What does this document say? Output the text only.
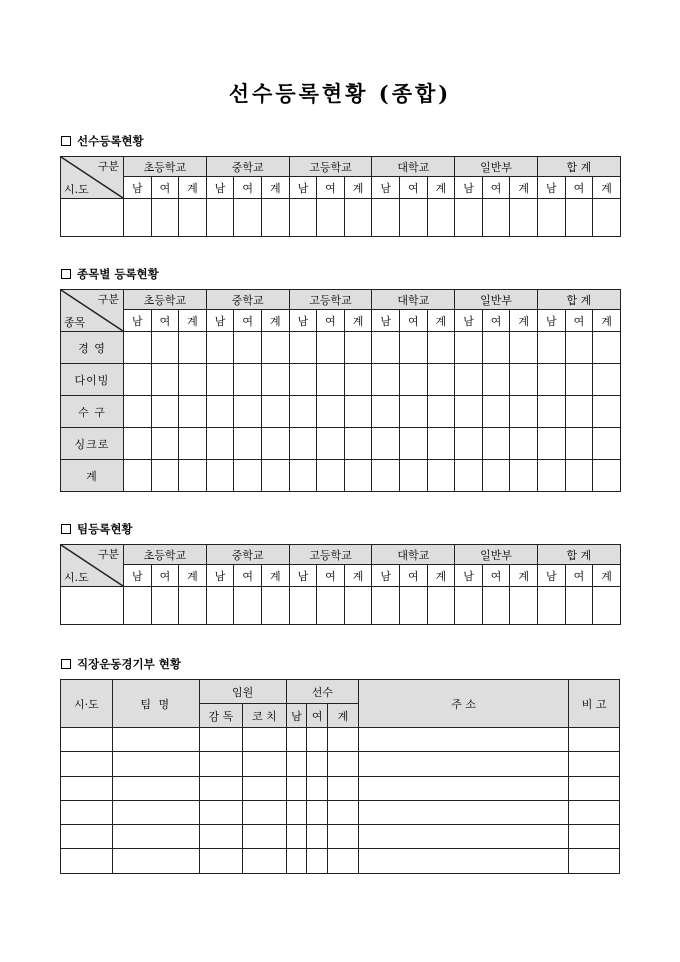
선수등록현황 (종합)
선수등록현황
구분
시.도	초등학교			중학교			고등학교			대학교			일반부			합 계		
	남	여	계	남	여	계	남	여	계	남	여	계	남	여	계	남	여	계

종목별 등록현황
구분
종목	초등학교			중학교			고등학교			대학교			일반부			합 계		
	남	여	계	남	여	계	남	여	계	남	여	계	남	여	계	남	여	계
경 영																		
다이빙																		
수 구																		
싱크로																		
계																		
팀등록현황
구분
시.도	초등학교			중학교			고등학교			대학교			일반부			합 계		
	남	여	계	남	여	계	남	여	계	남	여	계	남	여	계	남	여	계

직장운동경기부 현황
시·도	팀 명	임원		선수			주 소	비 고
		감 독	코 치	남	여	계		
